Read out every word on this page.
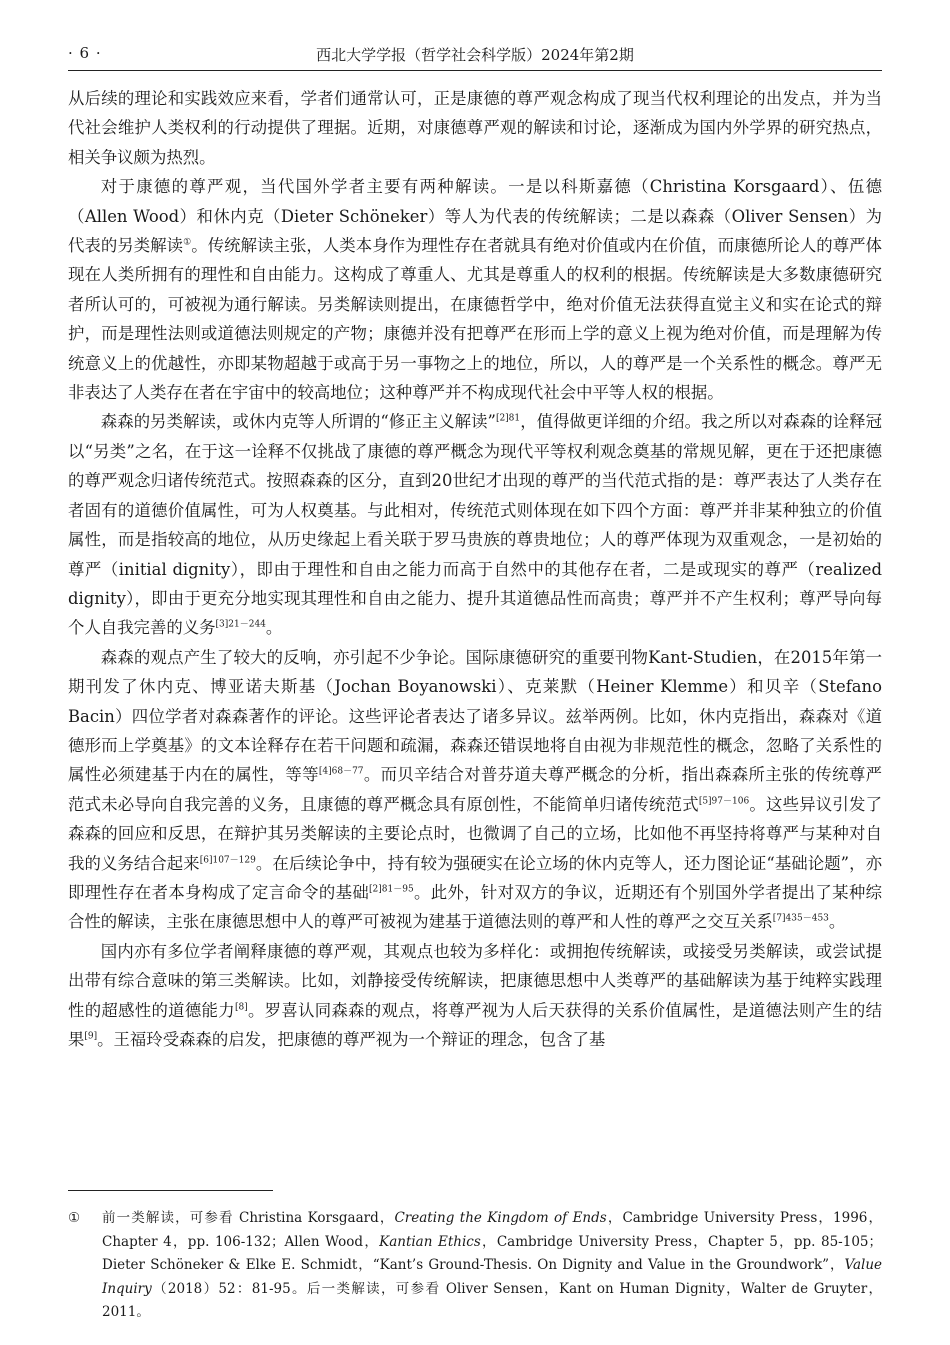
· 6 ·	西北大学学报（哲学社会科学版）2024年第2期

从后续的理论和实践效应来看，学者们通常认可，正是康德的尊严观念构成了现当代权利理论的出发点，并为当代社会维护人类权利的行动提供了理据。近期，对康德尊严观的解读和讨论，逐渐成为国内外学界的研究热点，相关争议颇为热烈。

对于康德的尊严观，当代国外学者主要有两种解读。一是以科斯嘉德（Christina Korsgaard）、伍德（Allen Wood）和休内克（Dieter Schöneker）等人为代表的传统解读；二是以森森（Oliver Sensen）为代表的另类解读①。传统解读主张，人类本身作为理性存在者就具有绝对价值或内在价值，而康德所论人的尊严体现在人类所拥有的理性和自由能力。这构成了尊重人、尤其是尊重人的权利的根据。传统解读是大多数康德研究者所认可的，可被视为通行解读。另类解读则提出，在康德哲学中，绝对价值无法获得直觉主义和实在论式的辩护，而是理性法则或道德法则规定的产物；康德并没有把尊严在形而上学的意义上视为绝对价值，而是理解为传统意义上的优越性，亦即某物超越于或高于另一事物之上的地位，所以，人的尊严是一个关系性的概念。尊严无非表达了人类存在者在宇宙中的较高地位；这种尊严并不构成现代社会中平等人权的根据。

森森的另类解读，或休内克等人所谓的“修正主义解读”$^{[2]81}$，值得做更详细的介绍。我之所以对森森的诠释冠以“另类”之名，在于这一诠释不仅挑战了康德的尊严概念为现代平等权利观念奠基的常规见解，更在于还把康德的尊严观念归诸传统范式。按照森森的区分，直到20世纪才出现的尊严的当代范式指的是：尊严表达了人类存在者固有的道德价值属性，可为人权奠基。与此相对，传统范式则体现在如下四个方面：尊严并非某种独立的价值属性，而是指较高的地位，从历史缘起上看关联于罗马贵族的尊贵地位；人的尊严体现为双重观念，一是初始的尊严（initial dignity），即由于理性和自由之能力而高于自然中的其他存在者，二是或现实的尊严（realized dignity），即由于更充分地实现其理性和自由之能力、提升其道德品性而高贵；尊严并不产生权利；尊严导向每个人自我完善的义务$^{[3]21-244}$。

森森的观点产生了较大的反响，亦引起不少争论。国际康德研究的重要刊物Kant-Studien，在2015年第一期刊发了休内克、博亚诺夫斯基（Jochan Boyanowski）、克莱默（Heiner Klemme）和贝辛（Stefano Bacin）四位学者对森森著作的评论。这些评论者表达了诸多异议。兹举两例。比如，休内克指出，森森对《道德形而上学奠基》的文本诠释存在若干问题和疏漏，森森还错误地将自由视为非规范性的概念，忽略了关系性的属性必须建基于内在的属性，等等$^{[4]68-77}$。而贝辛结合对普芬道夫尊严概念的分析，指出森森所主张的传统尊严范式未必导向自我完善的义务，且康德的尊严概念具有原创性，不能简单归诸传统范式$^{[5]97-106}$。这些异议引发了森森的回应和反思，在辩护其另类解读的主要论点时，也微调了自己的立场，比如他不再坚持将尊严与某种对自我的义务结合起来$^{[6]107-129}$。在后续论争中，持有较为强硬实在论立场的休内克等人，还力图论证“基础论题”，亦即理性存在者本身构成了定言命令的基础$^{[2]81-95}$。此外，针对双方的争议，近期还有个别国外学者提出了某种综合性的解读，主张在康德思想中人的尊严可被视为建基于道德法则的尊严和人性的尊严之交互关系$^{[7]435-453}$。

国内亦有多位学者阐释康德的尊严观，其观点也较为多样化：或拥抱传统解读，或接受另类解读，或尝试提出带有综合意味的第三类解读。比如，刘静接受传统解读，把康德思想中人类尊严的基础解读为基于纯粹实践理性的超感性的道德能力[8]。罗喜认同森森的观点，将尊严视为人后天获得的关系价值属性，是道德法则产生的结果[9]。王福玲受森森的启发，把康德的尊严视为一个辩证的理念，包含了基

① 前一类解读，可参看 Christina Korsgaard，Creating the Kingdom of Ends，Cambridge University Press，1996，Chapter 4，pp. 106-132；Allen Wood，Kantian Ethics，Cambridge University Press，Chapter 5，pp. 85-105；Dieter Schöneker & Elke E. Schmidt，“Kant’s Ground-Thesis. On Dignity and Value in the Groundwork”，Value Inquiry（2018）52：81-95。后一类解读，可参看 Oliver Sensen，Kant on Human Dignity，Walter de Gruyter，2011。
